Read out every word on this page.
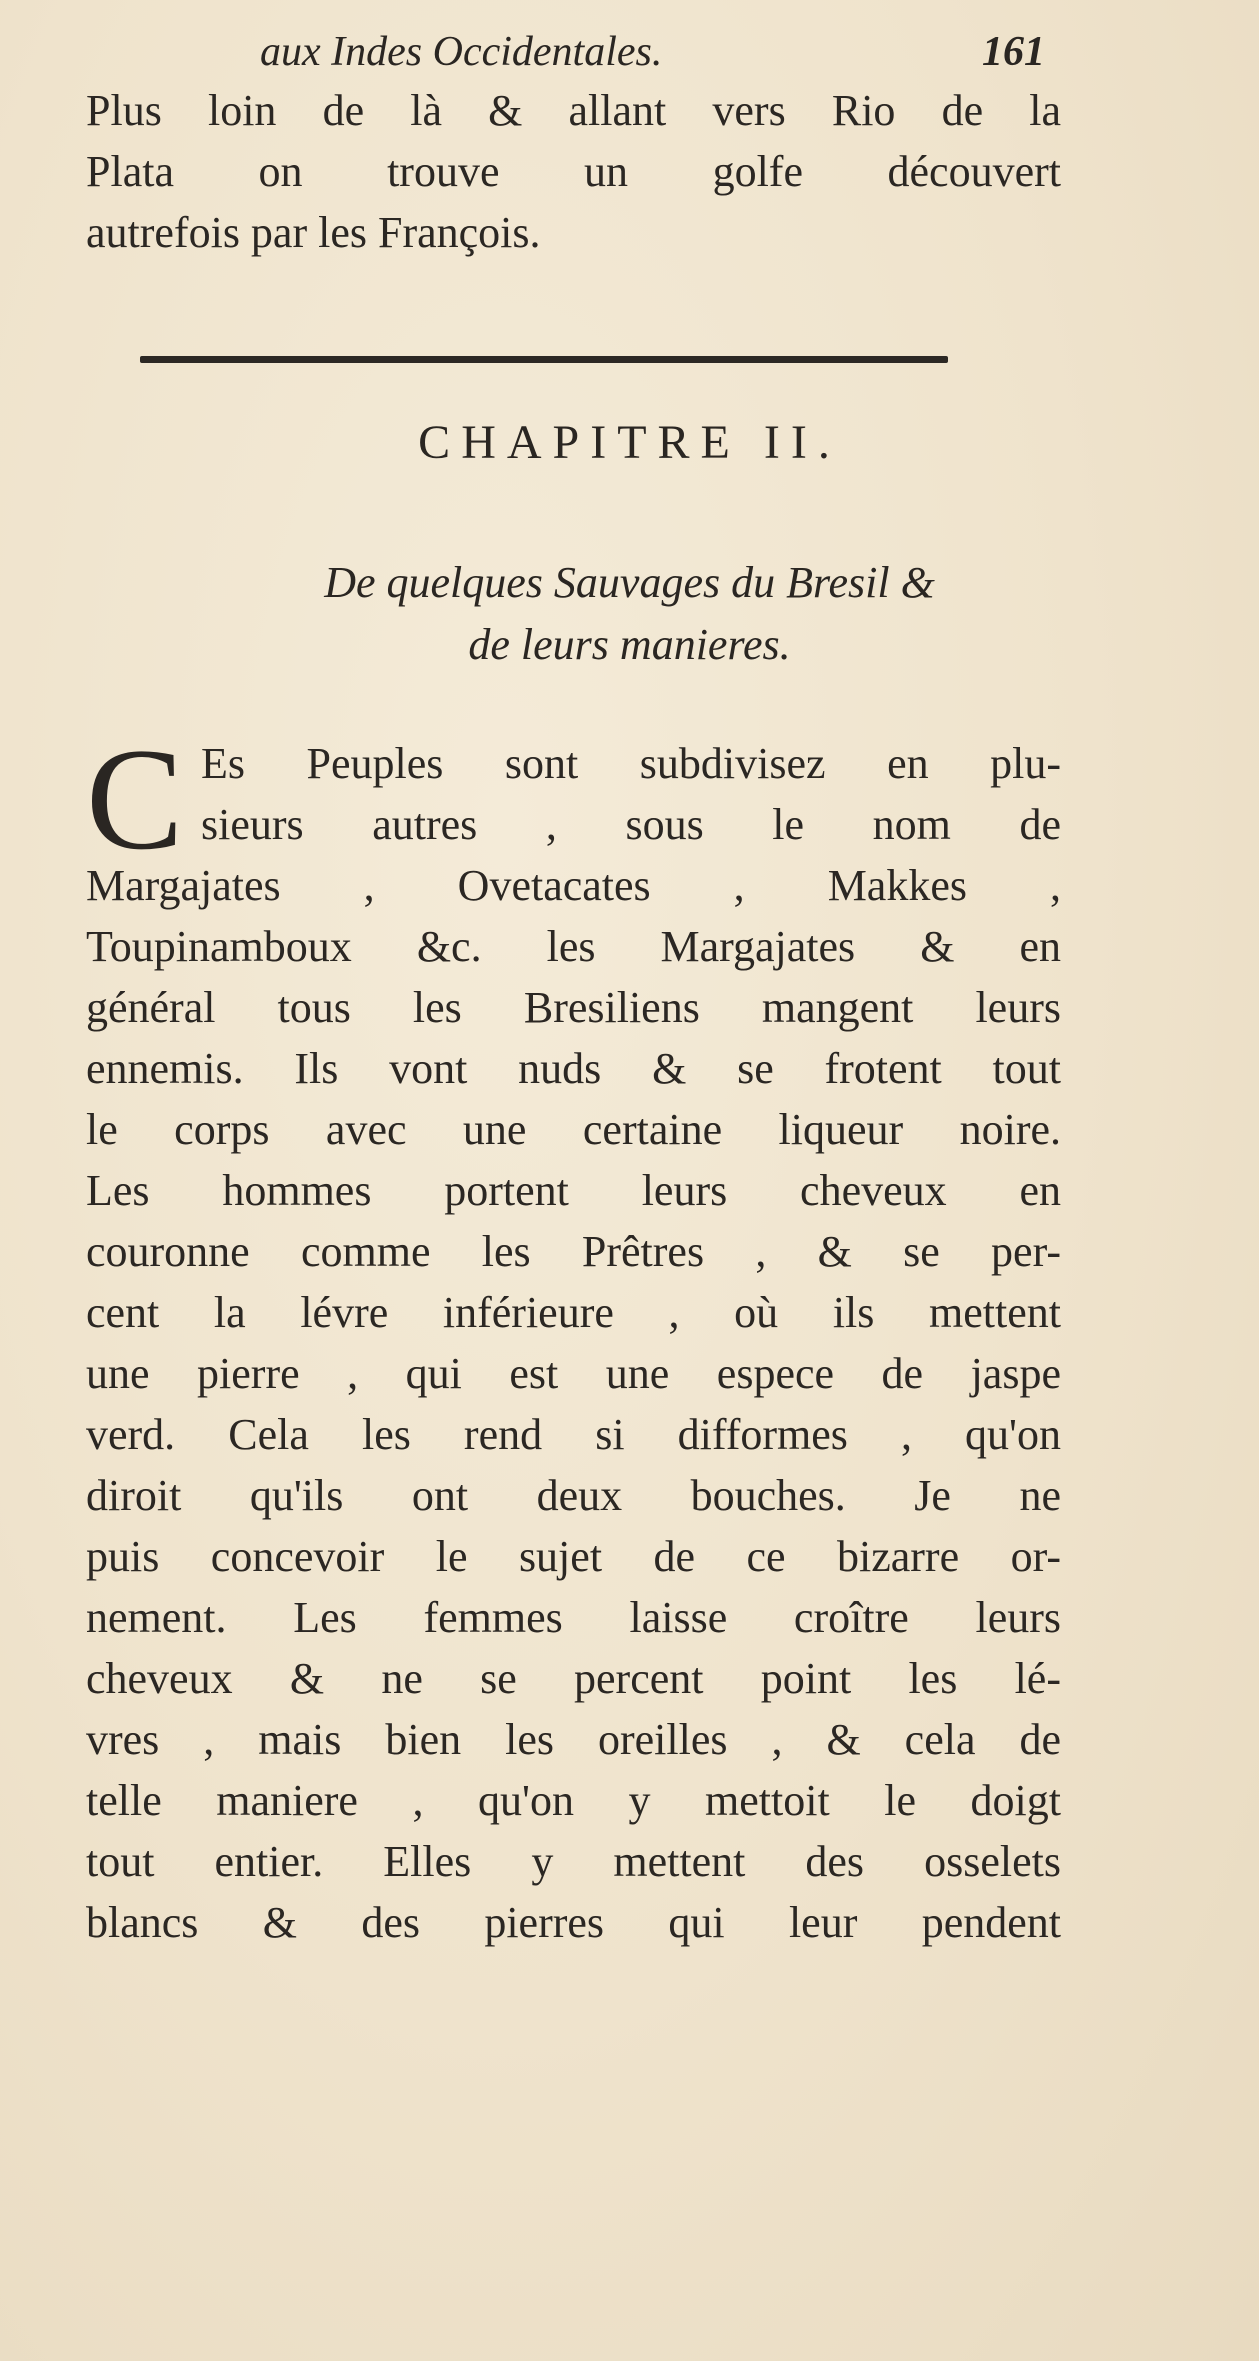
aux Indes Occidentales.	161
Plus loin de là & allant vers Rio de la
Plata on trouve un golfe découvert
autrefois par les François.
CHAPITRE II.
De quelques Sauvages du Bresil &
de leurs manieres.
C Es Peuples sont subdivisez en plu-
sieurs autres , sous le nom de
Margajates , Ovetacates , Makkes ,
Toupinamboux &c. les Margajates & en
général tous les Bresiliens mangent leurs
ennemis. Ils vont nuds & se frotent tout
le corps avec une certaine liqueur noire.
Les hommes portent leurs cheveux en
couronne comme les Prêtres , & se per-
cent la lévre inférieure , où ils mettent
une pierre , qui est une espece de jaspe
verd. Cela les rend si difformes , qu'on
diroit qu'ils ont deux bouches. Je ne
puis concevoir le sujet de ce bizarre or-
nement. Les femmes laisse croître leurs
cheveux & ne se percent point les lé-
vres , mais bien les oreilles , & cela de
telle maniere , qu'on y mettoit le doigt
tout entier. Elles y mettent des osselets
blancs & des pierres qui leur pendent
